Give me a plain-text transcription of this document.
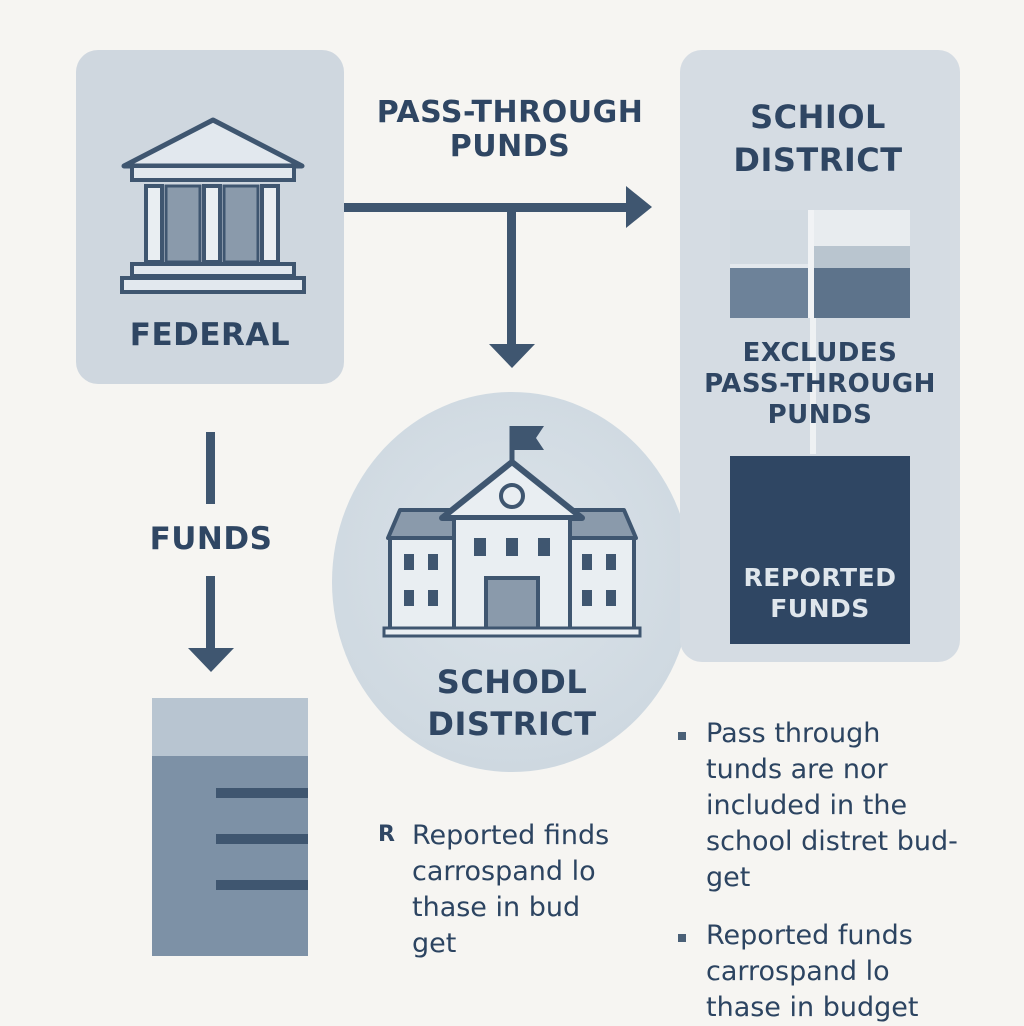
FEDERAL
PASS-THROUGH
PUNDS
FUNDS
SCHODL
DISTRICT
SCHIOL
DISTRICT
EXCLUDES
PASS-THROUGH
PUNDS
REPORTED
FUNDS
R Reported finds
carrospand lo
thase in bud
get
Pass through
tunds are nor
included in the
school distret bud-
get
Reported funds
carrospand lo
thase in budget
